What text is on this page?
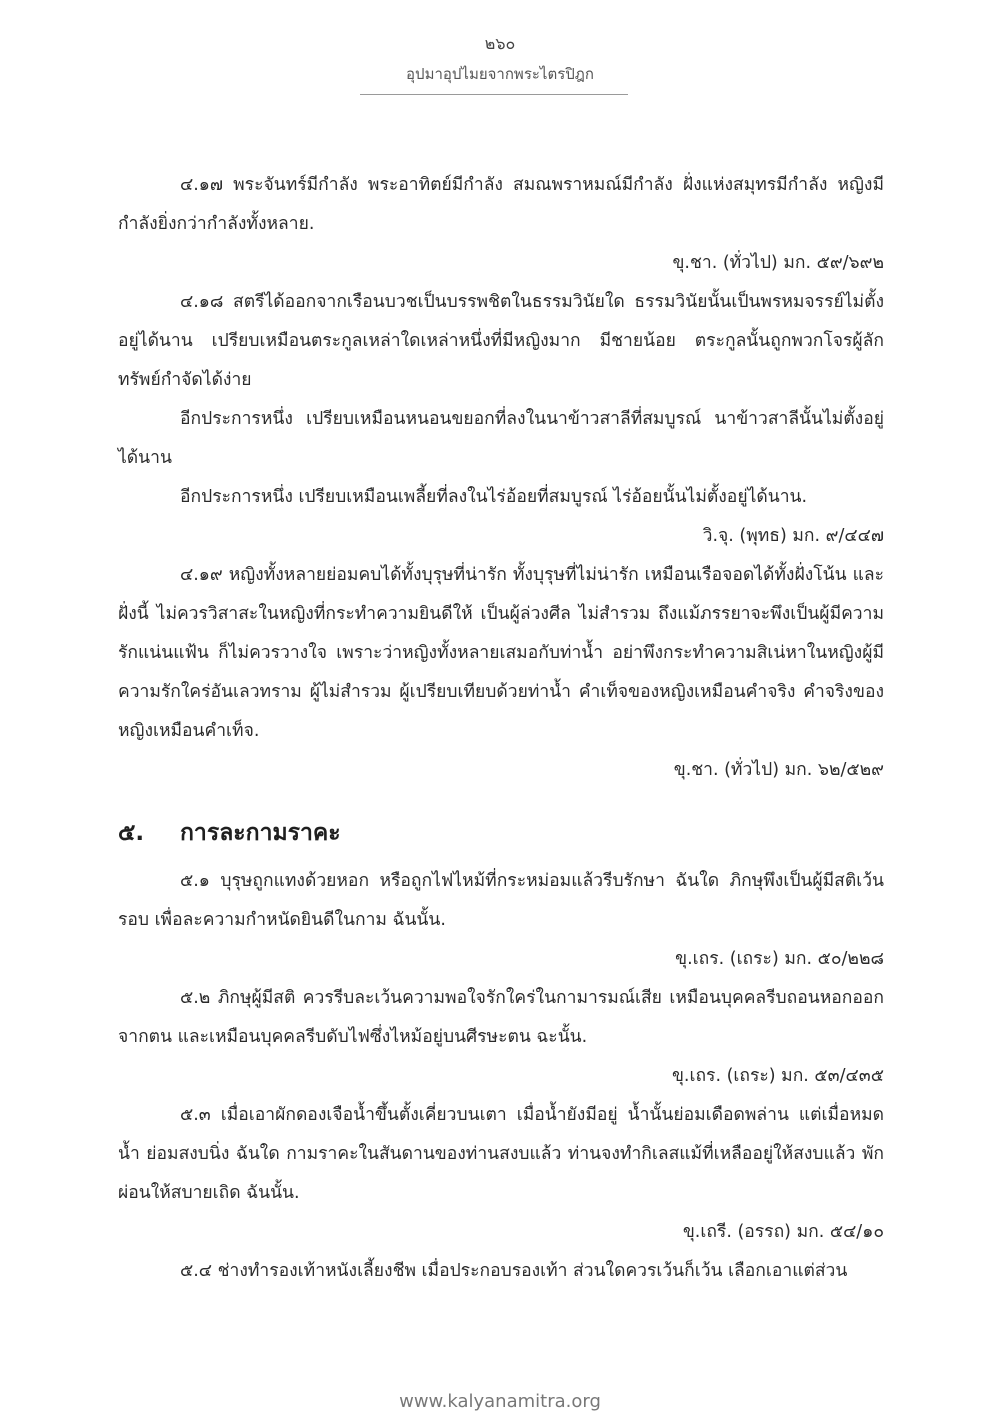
๒๖๐
อุปมาอุปไมยจากพระไตรปิฎก

๔.๑๗ พระจันทร์มีกำลัง พระอาทิตย์มีกำลัง สมณพราหมณ์มีกำลัง ฝั่งแห่งสมุทรมีกำลัง หญิงมีกำลังยิ่งกว่ากำลังทั้งหลาย.

ขุ.ชา. (ทั่วไป) มก. ๕๙/๖๙๒

๔.๑๘ สตรีได้ออกจากเรือนบวชเป็นบรรพชิตในธรรมวินัยใด ธรรมวินัยนั้นเป็นพรหมจรรย์ไม่ตั้งอยู่ได้นาน เปรียบเหมือนตระกูลเหล่าใดเหล่าหนึ่งที่มีหญิงมาก มีชายน้อย ตระกูลนั้นถูกพวกโจรผู้ลักทรัพย์กำจัดได้ง่าย

อีกประการหนึ่ง เปรียบเหมือนหนอนขยอกที่ลงในนาข้าวสาลีที่สมบูรณ์ นาข้าวสาลีนั้นไม่ตั้งอยู่ได้นาน

อีกประการหนึ่ง เปรียบเหมือนเพลี้ยที่ลงในไร่อ้อยที่สมบูรณ์ ไร่อ้อยนั้นไม่ตั้งอยู่ได้นาน.

วิ.จุ. (พุทธ) มก. ๙/๔๔๗

๔.๑๙ หญิงทั้งหลายย่อมคบได้ทั้งบุรุษที่น่ารัก ทั้งบุรุษที่ไม่น่ารัก เหมือนเรือจอดได้ทั้งฝั่งโน้น และฝั่งนี้ ไม่ควรวิสาสะในหญิงที่กระทำความยินดีให้ เป็นผู้ล่วงศีล ไม่สำรวม ถึงแม้ภรรยาจะพึงเป็นผู้มีความรักแน่นแฟ้น ก็ไม่ควรวางใจ เพราะว่าหญิงทั้งหลายเสมอกับท่าน้ำ อย่าพึงกระทำความสิเน่หาในหญิงผู้มีความรักใคร่อันเลวทราม ผู้ไม่สำรวม ผู้เปรียบเทียบด้วยท่าน้ำ คำเท็จของหญิงเหมือนคำจริง คำจริงของหญิงเหมือนคำเท็จ.

ขุ.ชา. (ทั่วไป) มก. ๖๒/๕๒๙

๕. การละกามราคะ

๕.๑ บุรุษถูกแทงด้วยหอก หรือถูกไฟไหม้ที่กระหม่อมแล้วรีบรักษา ฉันใด ภิกษุพึงเป็นผู้มีสติเว้นรอบ เพื่อละความกำหนัดยินดีในกาม ฉันนั้น.

ขุ.เถร. (เถระ) มก. ๕๐/๒๒๘

๕.๒ ภิกษุผู้มีสติ ควรรีบละเว้นความพอใจรักใคร่ในกามารมณ์เสีย เหมือนบุคคลรีบถอนหอกออกจากตน และเหมือนบุคคลรีบดับไฟซึ่งไหม้อยู่บนศีรษะตน ฉะนั้น.

ขุ.เถร. (เถระ) มก. ๕๓/๔๓๕

๕.๓ เมื่อเอาผักดองเจือน้ำขึ้นตั้งเคี่ยวบนเตา เมื่อน้ำยังมีอยู่ น้ำนั้นย่อมเดือดพล่าน แต่เมื่อหมดน้ำ ย่อมสงบนิ่ง ฉันใด กามราคะในสันดานของท่านสงบแล้ว ท่านจงทำกิเลสแม้ที่เหลืออยู่ให้สงบแล้ว พักผ่อนให้สบายเถิด ฉันนั้น.

ขุ.เถรี. (อรรถ) มก. ๕๔/๑๐

๕.๔ ช่างทำรองเท้าหนังเลี้ยงชีพ เมื่อประกอบรองเท้า ส่วนใดควรเว้นก็เว้น เลือกเอาแต่ส่วน

www.kalyanamitra.org
